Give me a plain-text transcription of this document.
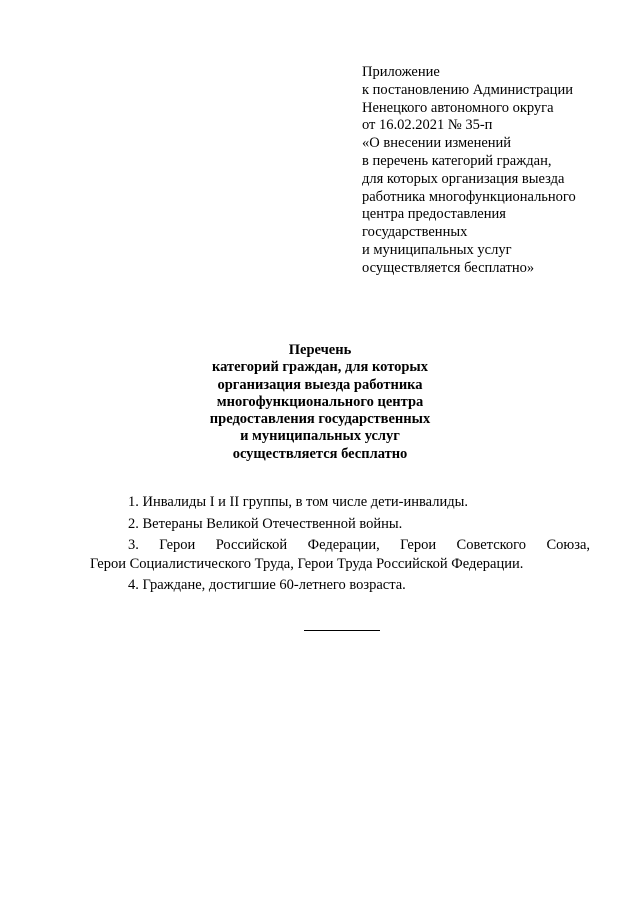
Приложение
к постановлению Администрации
Ненецкого автономного округа
от 16.02.2021 № 35-п
«О внесении изменений
в перечень категорий граждан,
для которых организация выезда
работника многофункционального
центра предоставления
государственных
и муниципальных услуг
осуществляется бесплатно»
Перечень
категорий граждан, для которых
организация выезда работника
многофункционального центра
предоставления государственных
и муниципальных услуг
осуществляется бесплатно
1. Инвалиды I и II группы, в том числе дети-инвалиды.
2. Ветераны Великой Отечественной войны.
3. Герои Российской Федерации, Герои Советского Союза,
Герои Социалистического Труда, Герои Труда Российской Федерации.
4. Граждане, достигшие 60-летнего возраста.
